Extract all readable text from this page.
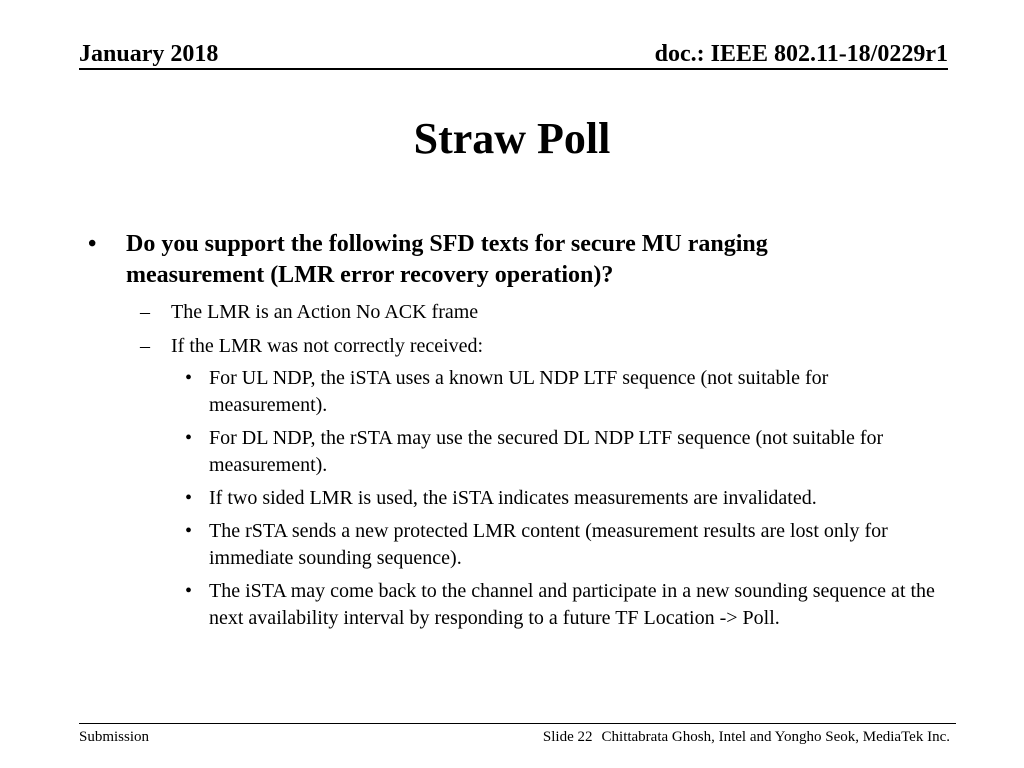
January 2018	doc.: IEEE 802.11-18/0229r1
Straw Poll
• Do you support the following SFD texts for secure MU ranging measurement (LMR error recovery operation)?
– The LMR is an Action No ACK frame
– If the LMR was not correctly received:
• For UL NDP, the iSTA uses a known UL NDP LTF sequence (not suitable for measurement).
• For DL NDP, the rSTA may use the secured DL NDP LTF sequence (not suitable for measurement).
• If two sided LMR is used, the iSTA indicates measurements are invalidated.
• The rSTA sends a new protected LMR content (measurement results are lost only for immediate sounding sequence).
• The iSTA may come back to the channel and participate in a new sounding sequence at the next availability interval by responding to a future TF Location -> Poll.
Submission	Slide 22 Chittabrata Ghosh, Intel and Yongho Seok, MediaTek Inc.
